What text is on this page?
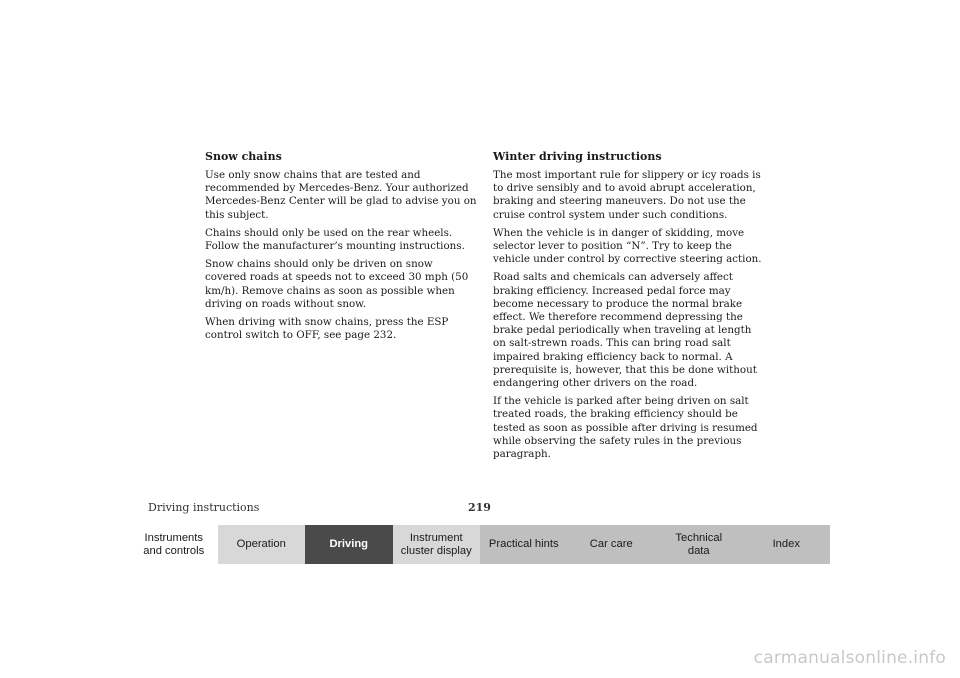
Snow chains

Use only snow chains that are tested and recommended by Mercedes-Benz. Your authorized Mercedes-Benz Center will be glad to advise you on this subject.

Chains should only be used on the rear wheels. Follow the manufacturer’s mounting instructions.

Snow chains should only be driven on snow covered roads at speeds not to exceed 30 mph (50 km/h). Remove chains as soon as possible when driving on roads without snow.

When driving with snow chains, press the ESP control switch to OFF, see page 232.

Winter driving instructions

The most important rule for slippery or icy roads is to drive sensibly and to avoid abrupt acceleration, braking and steering maneuvers. Do not use the cruise control system under such conditions.

When the vehicle is in danger of skidding, move selector lever to position “N”. Try to keep the vehicle under control by corrective steering action.

Road salts and chemicals can adversely affect braking efficiency. Increased pedal force may become necessary to produce the normal brake effect. We therefore recommend depressing the brake pedal periodically when traveling at length on salt-strewn roads. This can bring road salt impaired braking efficiency back to normal. A prerequisite is, however, that this be done without endangering other drivers on the road.

If the vehicle is parked after being driven on salt treated roads, the braking efficiency should be tested as soon as possible after driving is resumed while observing the safety rules in the previous paragraph.

Driving instructions	219
Instruments
and controls
Operation	Driving
Instrument
cluster display
Practical hints	Car care
Technical
data
Index
carmanualsonline.info
